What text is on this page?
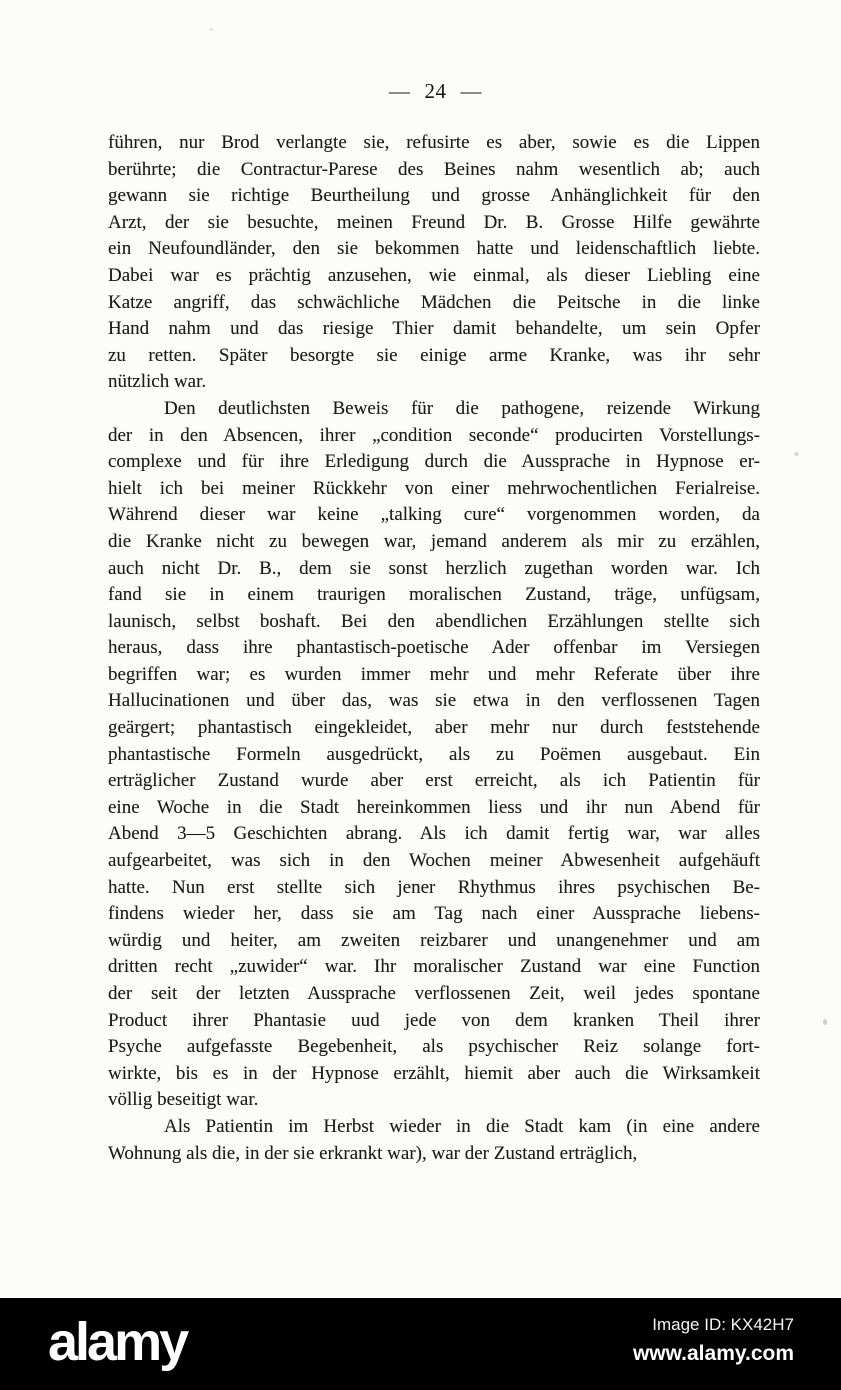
— 24 —
führen, nur Brod verlangte sie, refusirte es aber, sowie es die Lippen
berührte; die Contractur-Parese des Beines nahm wesentlich ab; auch
gewann sie richtige Beurtheilung und grosse Anhänglichkeit für den
Arzt, der sie besuchte, meinen Freund Dr. B. Grosse Hilfe gewährte
ein Neufoundländer, den sie bekommen hatte und leidenschaftlich liebte.
Dabei war es prächtig anzusehen, wie einmal, als dieser Liebling eine
Katze angriff, das schwächliche Mädchen die Peitsche in die linke
Hand nahm und das riesige Thier damit behandelte, um sein Opfer
zu retten. Später besorgte sie einige arme Kranke, was ihr sehr
nützlich war.
Den deutlichsten Beweis für die pathogene, reizende Wirkung
der in den Absencen, ihrer „condition seconde“ producirten Vorstellungs-
complexe und für ihre Erledigung durch die Aussprache in Hypnose er-
hielt ich bei meiner Rückkehr von einer mehrwochentlichen Ferialreise.
Während dieser war keine „talking cure“ vorgenommen worden, da
die Kranke nicht zu bewegen war, jemand anderem als mir zu erzählen,
auch nicht Dr. B., dem sie sonst herzlich zugethan worden war. Ich
fand sie in einem traurigen moralischen Zustand, träge, unfügsam,
launisch, selbst boshaft. Bei den abendlichen Erzählungen stellte sich
heraus, dass ihre phantastisch-poetische Ader offenbar im Versiegen
begriffen war; es wurden immer mehr und mehr Referate über ihre
Hallucinationen und über das, was sie etwa in den verflossenen Tagen
geärgert; phantastisch eingekleidet, aber mehr nur durch feststehende
phantastische Formeln ausgedrückt, als zu Poëmen ausgebaut. Ein
erträglicher Zustand wurde aber erst erreicht, als ich Patientin für
eine Woche in die Stadt hereinkommen liess und ihr nun Abend für
Abend 3—5 Geschichten abrang. Als ich damit fertig war, war alles
aufgearbeitet, was sich in den Wochen meiner Abwesenheit aufgehäuft
hatte. Nun erst stellte sich jener Rhythmus ihres psychischen Be-
findens wieder her, dass sie am Tag nach einer Aussprache liebens-
würdig und heiter, am zweiten reizbarer und unangenehmer und am
dritten recht „zuwider“ war. Ihr moralischer Zustand war eine Function
der seit der letzten Aussprache verflossenen Zeit, weil jedes spontane
Product ihrer Phantasie uud jede von dem kranken Theil ihrer
Psyche aufgefasste Begebenheit, als psychischer Reiz solange fort-
wirkte, bis es in der Hypnose erzählt, hiemit aber auch die Wirksamkeit
völlig beseitigt war.
Als Patientin im Herbst wieder in die Stadt kam (in eine andere
Wohnung als die, in der sie erkrankt war), war der Zustand erträglich,
alamy	Image ID: KX42H7
www.alamy.com
